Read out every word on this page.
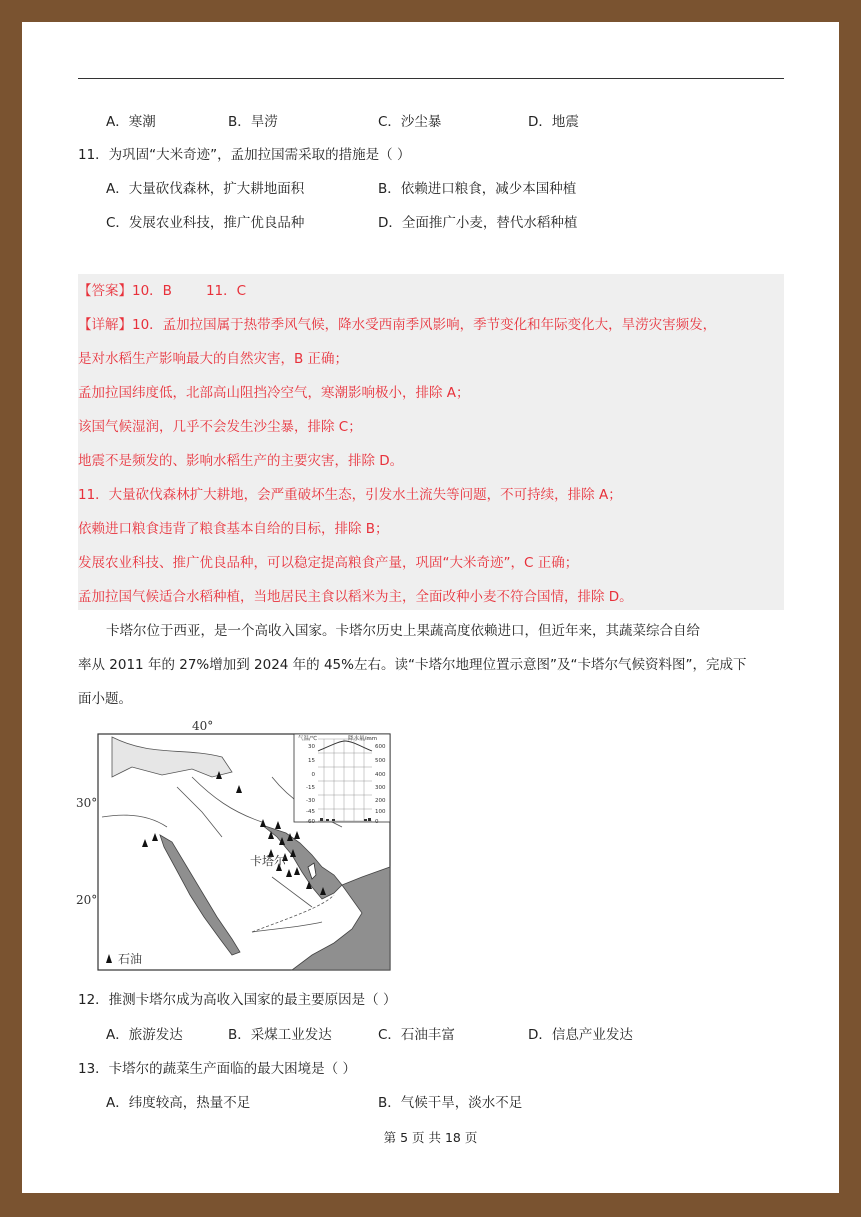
A．寒潮	B．旱涝	C．沙尘暴	D．地震
11．为巩固“大米奇迹”，孟加拉国需采取的措施是（ ）
A．大量砍伐森林，扩大耕地面积	B．依赖进口粮食，减少本国种植
C．发展农业科技，推广优良品种	D．全面推广小麦，替代水稻种植
【答案】10．B	11．C
【详解】10．孟加拉国属于热带季风气候，降水受西南季风影响，季节变化和年际变化大，旱涝灾害频发，
是对水稻生产影响最大的自然灾害，B 正确；
孟加拉国纬度低，北部高山阻挡冷空气，寒潮影响极小，排除 A；
该国气候湿润，几乎不会发生沙尘暴，排除 C；
地震不是频发的、影响水稻生产的主要灾害，排除 D。
11．大量砍伐森林扩大耕地，会严重破坏生态，引发水土流失等问题，不可持续，排除 A；
依赖进口粮食违背了粮食基本自给的目标，排除 B；
发展农业科技、推广优良品种，可以稳定提高粮食产量，巩固“大米奇迹”，C 正确；
孟加拉国气候适合水稻种植，当地居民主食以稻米为主，全面改种小麦不符合国情，排除 D。
卡塔尔位于西亚，是一个高收入国家。卡塔尔历史上果蔬高度依赖进口，但近年来，其蔬菜综合自给
率从 2011 年的 27%增加到 2024 年的 45%左右。读“卡塔尔地理位置示意图”及“卡塔尔气候资料图”，完成下
面小题。
气温/℃	降水量/mm
30
15
0
-15
-30
-45
-60
600
500
400
300
200
100
0
40°
30°
20°
卡塔尔
石油
12．推测卡塔尔成为高收入国家的最主要原因是（ ）
A．旅游发达	B．采煤工业发达	C．石油丰富	D．信息产业发达
13．卡塔尔的蔬菜生产面临的最大困境是（ ）
A．纬度较高，热量不足	B．气候干旱，淡水不足
第 5 页 共 18 页
